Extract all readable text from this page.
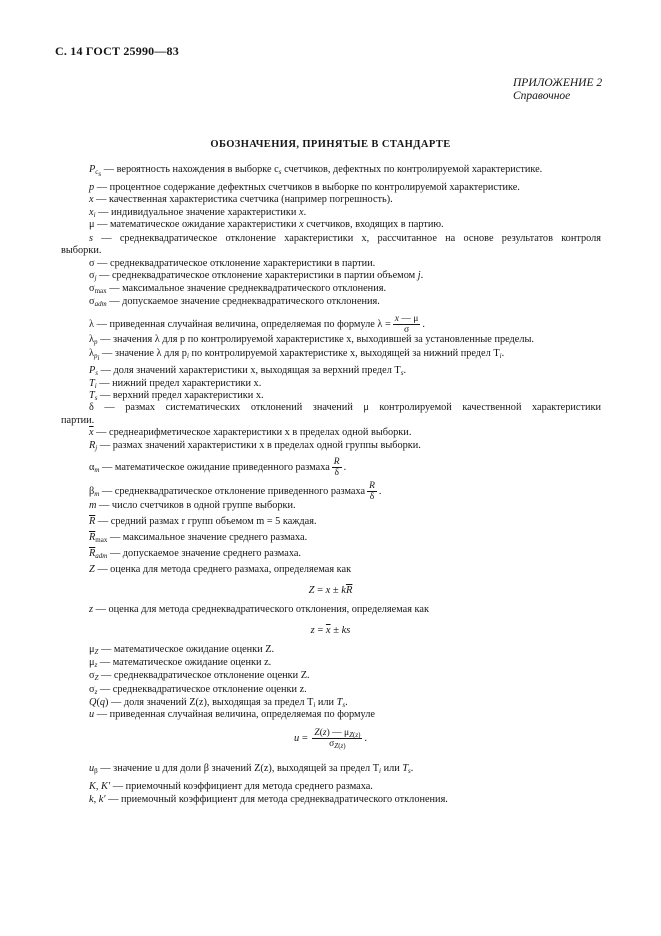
С. 14 ГОСТ 25990—83
ПРИЛОЖЕНИЕ 2
Справочное
ОБОЗНАЧЕНИЯ, ПРИНЯТЫЕ В СТАНДАРТЕ
$P_{c_s}$ — вероятность нахождения в выборке $c_s$ счетчиков, дефектных по контролируемой характеристике.
p — процентное содержание дефектных счетчиков в выборке по контролируемой характеристике.
x — качественная характеристика счетчика (например погрешность).
$x_i$ — индивидуальное значение характеристики x.
μ — математическое ожидание характеристики x счетчиков, входящих в партию.
s — среднеквадратическое отклонение характеристики x, рассчитанное на основе результатов контроля
выборки.
σ — среднеквадратическое отклонение характеристики в партии.
$\sigma_j$ — среднеквадратическое отклонение характеристики в партии объемом j.
$\sigma_{max}$ — максимальное значение среднеквадратического отклонения.
$\sigma_{adm}$ — допускаемое значение среднеквадратического отклонения.
λ — приведенная случайная величина, определяемая по формуле $\lambda = \frac{x — \mu}{\sigma}$ .
$\lambda_p$ — значения λ для p по контролируемой характеристике x, выходившей за установленные пределы.
$\lambda_{p_i}$ — значение λ для $p_i$ по контролируемой характеристике x, выходящей за нижний предел $T_i$.
$P_s$ — доля значений характеристики x, выходящая за верхний предел $T_s$.
$T_i$ — нижний предел характеристики x.
$T_s$ — верхний предел характеристики x.
δ — размах систематических отклонений значений μ контролируемой качественной характеристики
партии.
$\overline{x}$ — среднеарифметическое характеристики x в пределах одной выборки.
$R_j$ — размах значений характеристики x в пределах одной группы выборки.
$\alpha_m$ — математическое ожидание приведенного размаха $\frac{R}{\delta}$ .
$\beta_m$ — среднеквадратическое отклонение приведенного размаха $\frac{R}{\delta}$ .
m — число счетчиков в одной группе выборки.
$\overline{R}$ — средний размах r групп объемом m = 5 каждая.
$\overline{R}_{max}$ — максимальное значение среднего размаха.
$\overline{R}_{adm}$ — допускаемое значение среднего размаха.
Z — оценка для метода среднего размаха, определяемая как
$Z = x \pm k\overline{R}$
z — оценка для метода среднеквадратического отклонения, определяемая как
$z = \overline{x}$ ± ks
$\mu_Z$ — математическое ожидание оценки Z.
$\mu_z$ — математическое ожидание оценки z.
$\sigma_Z$ — среднеквадратическое отклонение оценки Z.
$\sigma_z$ — среднеквадратическое отклонение оценки z.
Q(q) — доля значений Z(z), выходящая за предел $T_i$ или $T_s$.
u — приведенная случайная величина, определяемая по формуле
$u = \frac{Z(z) — \mu_{Z(z)}}{\sigma_{Z(z)}}$ .
$u_\beta$ — значение u для доли β значений Z(z), выходящей за предел $T_i$ или $T_s$.
K, K′ — приемочный коэффициент для метода среднего размаха.
k, k′ — приемочный коэффициент для метода среднеквадратического отклонения.
